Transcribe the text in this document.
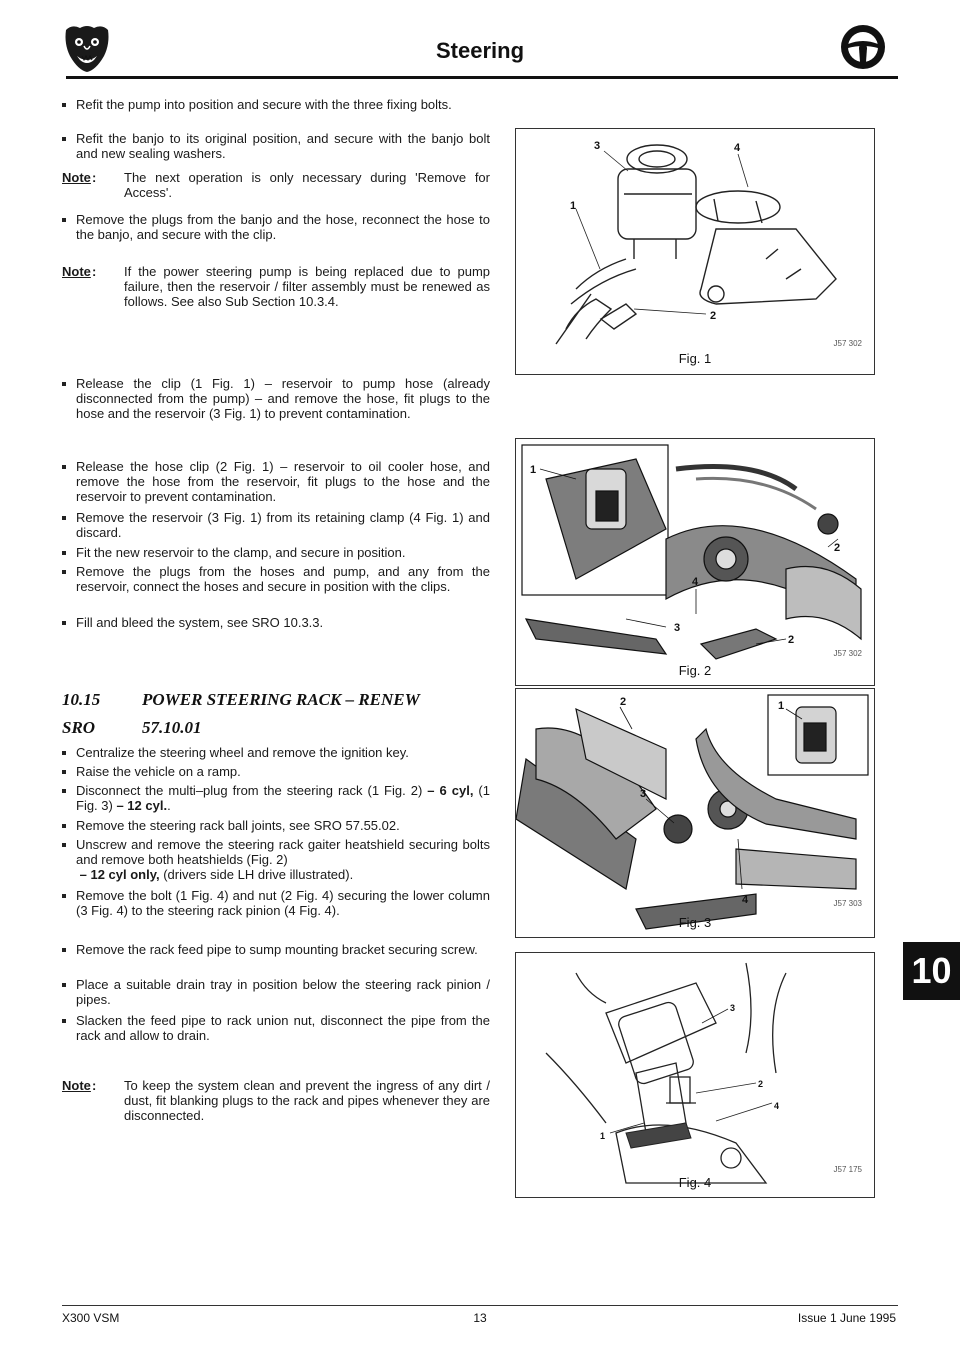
Steering
Refit the pump into position and secure with the three fixing bolts.
Refit the banjo to its original position, and secure with the banjo bolt and new sealing washers.
Note : The next operation is only necessary during 'Remove for Access'.
Remove the plugs from the banjo and the hose, reconnect the hose to the banjo, and secure with the clip.
Note : If the power steering pump is being replaced due to pump failure, then the reservoir / filter assembly must be renewed as follows. See also Sub Section 10.3.4.
Release the clip (1 Fig. 1) – reservoir to pump hose (already disconnected from the pump) – and remove the hose, fit plugs to the hose and the reservoir (3 Fig. 1) to prevent contamination.
Release the hose clip (2 Fig. 1) – reservoir to oil cooler hose, and remove the hose from the reservoir, fit plugs to the hose and the reservoir to prevent contamination.
Remove the reservoir (3 Fig. 1) from its retaining clamp (4 Fig. 1) and discard.
Fit the new reservoir to the clamp, and secure in position.
Remove the plugs from the hoses and pump, and any from the reservoir, connect the hoses and secure in position with the clips.
Fill and bleed the system, see SRO 10.3.3.
10.15 POWER STEERING RACK – RENEW
SRO	57.10.01
Centralize the steering wheel and remove the ignition key.
Raise the vehicle on a ramp.
Disconnect the multi–plug from the steering rack (1 Fig. 2) – 6 cyl, (1 Fig. 3) – 12 cyl..
Remove the steering rack ball joints, see SRO 57.55.02.
Unscrew and remove the steering rack gaiter heatshield securing bolts and remove both heatshields (Fig. 2)
– 12 cyl only, (drivers side LH drive illustrated).
Remove the bolt (1 Fig. 4) and nut (2 Fig. 4) securing the lower column (3 Fig. 4) to the steering rack pinion (4 Fig. 4).
Remove the rack feed pipe to sump mounting bracket securing screw.
Place a suitable drain tray in position below the steering rack pinion / pipes.
Slacken the feed pipe to rack union nut, disconnect the pipe from the rack and allow to drain.
Note : To keep the system clean and prevent the ingress of any dirt / dust, fit blanking plugs to the rack and pipes whenever they are disconnected.
3	4
1
2
J57 302
Fig. 1
1
2
4
3
2
J57 302
Fig. 2
2	1
3
4	J57 303
Fig. 3
3
2
4
1
J57 175
Fig. 4
10
X300 VSM	13	Issue 1 June 1995
